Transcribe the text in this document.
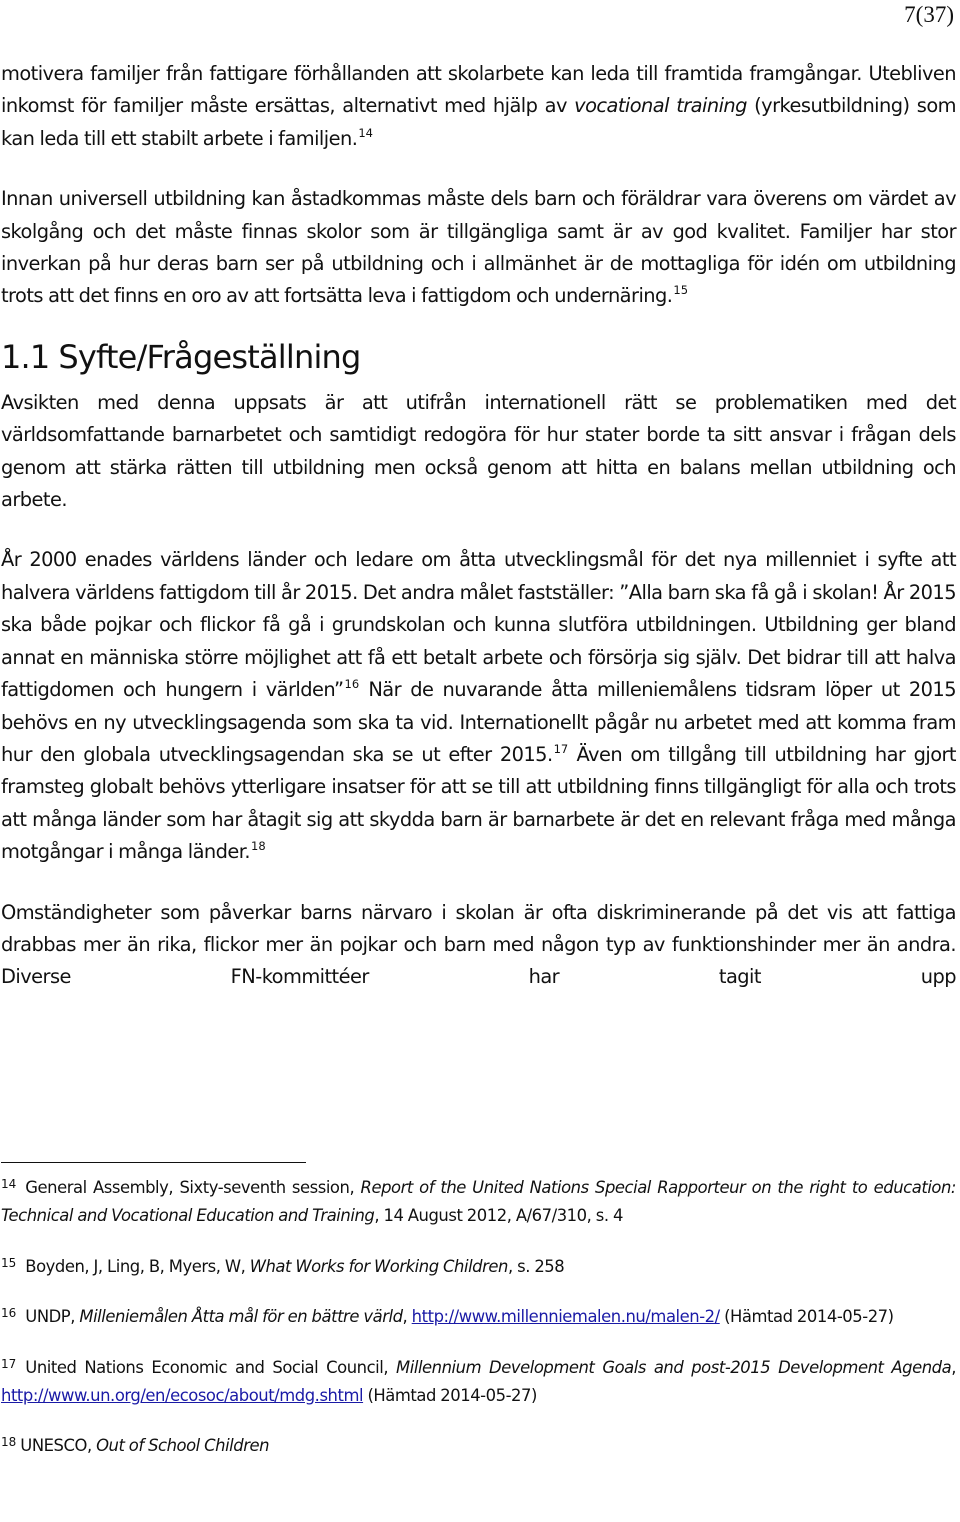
7(37)

motivera familjer från fattigare förhållanden att skolarbete kan leda till framtida framgångar. Utebliven inkomst för familjer måste ersättas, alternativt med hjälp av vocational training (yrkesutbildning) som kan leda till ett stabilt arbete i familjen.$^{14}$

Innan universell utbildning kan åstadkommas måste dels barn och föräldrar vara överens om värdet av skolgång och det måste finnas skolor som är tillgängliga samt är av god kvalitet. Familjer har stor inverkan på hur deras barn ser på utbildning och i allmänhet är de mottagliga för idén om utbildning trots att det finns en oro av att fortsätta leva i fattigdom och undernäring.$^{15}$

1.1 Syfte/Frågeställning

Avsikten med denna uppsats är att utifrån internationell rätt se problematiken med det världsomfattande barnarbetet och samtidigt redogöra för hur stater borde ta sitt ansvar i frågan dels genom att stärka rätten till utbildning men också genom att hitta en balans mellan utbildning och arbete.

År 2000 enades världens länder och ledare om åtta utvecklingsmål för det nya millenniet i syfte att halvera världens fattigdom till år 2015. Det andra målet fastställer: ”Alla barn ska få gå i skolan! År 2015 ska både pojkar och flickor få gå i grundskolan och kunna slutföra utbildningen. Utbildning ger bland annat en människa större möjlighet att få ett betalt arbete och försörja sig själv. Det bidrar till att halva fattigdomen och hungern i världen”$^{16}$ När de nuvarande åtta milleniemålens tidsram löper ut 2015 behövs en ny utvecklingsagenda som ska ta vid. Internationellt pågår nu arbetet med att komma fram hur den globala utvecklingsagendan ska se ut efter 2015.17 Även om tillgång till utbildning har gjort framsteg globalt behövs ytterligare insatser för att se till att utbildning finns tillgängligt för alla och trots att många länder som har åtagit sig att skydda barn är barnarbete är det en relevant fråga med många motgångar i många länder.$^{18}$

Omständigheter som påverkar barns närvaro i skolan är ofta diskriminerande på det vis att fattiga drabbas mer än rika, flickor mer än pojkar och barn med någon typ av funktionshinder mer än andra. Diverse FN-kommittéer har tagit upp

$^{14}$ General Assembly, Sixty-seventh session, Report of the United Nations Special Rapporteur on the right to education: Technical and Vocational Education and Training, 14 August 2012, A/67/310, s. 4

$^{15}$ Boyden, J, Ling, B, Myers, W, What Works for Working Children, s. 258

$^{16}$ UNDP, Milleniemålen Åtta mål för en bättre värld, http://www.millenniemalen.nu/malen-2/ (Hämtad 2014-05-27)

$^{17}$ United Nations Economic and Social Council, Millennium Development Goals and post-2015 Development Agenda, http://www.un.org/en/ecosoc/about/mdg.shtml (Hämtad 2014-05-27)

$^{18}$ UNESCO, Out of School Children
